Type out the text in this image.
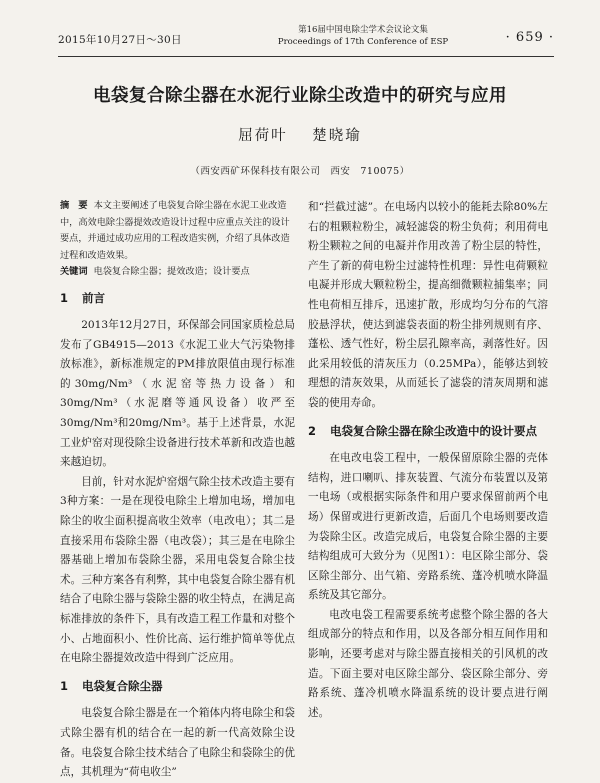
2015年10月27日～30日
第16届中国电除尘学术会议论文集
Proceedings of 17th Conference of ESP	· 659 ·
电袋复合除尘器在水泥行业除尘改造中的研究与应用
屈荷叶 楚晓瑜
（西安西矿环保科技有限公司　西安　710075）
摘　要 本文主要阐述了电袋复合除尘器在水泥工业改造中，高效电除尘器提效改造设计过程中应重点关注的设计要点，并通过成功应用的工程改造实例，介绍了具体改造过程和改造效果。
关键词 电袋复合除尘器；提效改造；设计要点
1 前言

2013年12月27日，环保部会同国家质检总局发布了GB4915—2013《水泥工业大气污染物排放标准》，新标准规定的PM排放限值由现行标准的30mg/Nm³（水泥窑等热力设备）和30mg/Nm³（水泥磨等通风设备）收严至30mg/Nm³和20mg/Nm³。基于上述背景，水泥工业炉窑对现役除尘设备进行技术革新和改造也越来越迫切。

目前，针对水泥炉窑烟气除尘技术改造主要有3种方案：一是在现役电除尘上增加电场，增加电除尘的收尘面积提高收尘效率（电改电）；其二是直接采用布袋除尘器（电改袋）；其三是在电除尘器基础上增加布袋除尘器，采用电袋复合除尘技术。三种方案各有利弊，其中电袋复合除尘器有机结合了电除尘器与袋除尘器的收尘特点，在满足高标准排放的条件下，具有改造工程工作量和对整个小、占地面积小、性价比高、运行维护简单等优点在电除尘器提效改造中得到广泛应用。

1 电袋复合除尘器

电袋复合除尘器是在一个箱体内将电除尘和袋式除尘器有机的结合在一起的新一代高效除尘设备。电袋复合除尘技术结合了电除尘和袋除尘的优点，其机理为“荷电收尘”

和“拦截过滤”。在电场内以较小的能耗去除80%左右的粗颗粒粉尘，减轻滤袋的粉尘负荷；利用荷电粉尘颗粒之间的电凝并作用改善了粉尘层的特性，产生了新的荷电粉尘过滤特性机理：异性电荷颗粒电凝并形成大颗粒粉尘，提高细微颗粒捕集率；同性电荷相互排斥，迅速扩散，形成均匀分布的气溶胶悬浮状，使达到滤袋表面的粉尘排列规则有序、蓬松、透气性好，粉尘层孔隙率高，剥落性好。因此采用较低的清灰压力（0.25MPa），能够达到较理想的清灰效果，从而延长了滤袋的清灰周期和滤袋的使用寿命。

2	电袋复合除尘器在除尘改造中的设计要点

在电改电袋工程中，一般保留原除尘器的壳体结构，进口喇叭、排灰装置、气流分布装置以及第一电场（或根据实际条件和用户要求保留前两个电场）保留或进行更新改造，后面几个电场则要改造为袋除尘区。改造完成后，电袋复合除尘器的主要结构组成可大致分为（见图1）：电区除尘部分、袋区除尘部分、出气箱、旁路系统、蓬冷机喷水降温系统及其它部分。

电改电袋工程需要系统考虑整个除尘器的各大组成部分的特点和作用，以及各部分相互间作用和影响，还要考虑对与除尘器直接相关的引风机的改造。下面主要对电区除尘部分、袋区除尘部分、旁路系统、蓬冷机喷水降温系统的设计要点进行阐述。
